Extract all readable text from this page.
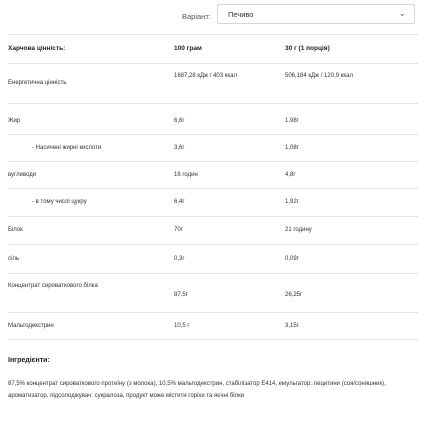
Варіант: Печиво	⌄
Харчова цінність:	100 грам	30 г (1 порція)
Енергетична цінність
1687,28 кДж / 403 ккал	506,184 кДж / 120,9 ккал
Жир	6,6г	1,98г
- Насичені жирні кислоти	3,6г	1,08г
вуглеводи	16 годин	4,8г
- в тому числі цукру	6,4г	1,92г
Білок	70г	21 годину
сіль	0,3г	0,09г
Концентрат сироваткового білка
87,5г	26,25г
Мальтодекстрин	10,5 г	3,15г
Інгредієнти:
87,5% концентрат сироваткового протеїну (з молока), 10,5% мальтодекстрин, стабілізатор Е414, емульгатор: лецитини (соя/соняшник), ароматизатор, підсолоджувач: сукралоза, продукт може містити горіхи та яєчні білки
